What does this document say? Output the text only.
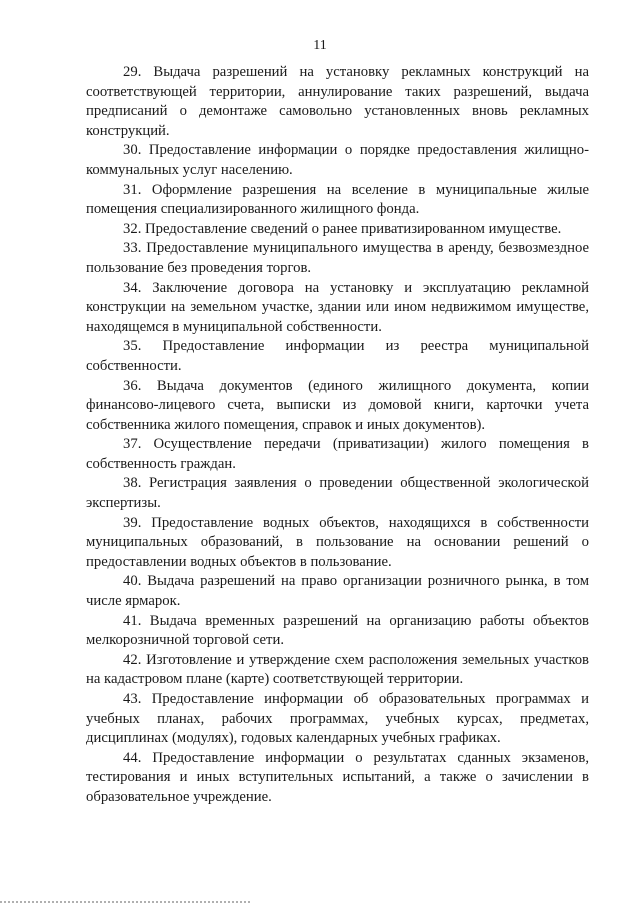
11

29. Выдача разрешений на установку рекламных конструкций на соответствующей территории, аннулирование таких разрешений, выдача предписаний о демонтаже самовольно установленных вновь рекламных конструкций.

30. Предоставление информации о порядке предоставления жилищно-коммунальных услуг населению.

31. Оформление разрешения на вселение в муниципальные жилые помещения специализированного жилищного фонда.

32. Предоставление сведений о ранее приватизированном имуществе.

33. Предоставление муниципального имущества в аренду, безвозмездное пользование без проведения торгов.

34. Заключение договора на установку и эксплуатацию рекламной конструкции на земельном участке, здании или ином недвижимом имуществе, находящемся в муниципальной собственности.

35. Предоставление информации из реестра муниципальной собственности.

36. Выдача документов (единого жилищного документа, копии финансово-лицевого счета, выписки из домовой книги, карточки учета собственника жилого помещения, справок и иных документов).

37. Осуществление передачи (приватизации) жилого помещения в собственность граждан.

38. Регистрация заявления о проведении общественной экологической экспертизы.

39. Предоставление водных объектов, находящихся в собственности муниципальных образований, в пользование на основании решений о предоставлении водных объектов в пользование.

40. Выдача разрешений на право организации розничного рынка, в том числе ярмарок.

41. Выдача временных разрешений на организацию работы объектов мелкорозничной торговой сети.

42. Изготовление и утверждение схем расположения земельных участков на кадастровом плане (карте) соответствующей территории.

43. Предоставление информации об образовательных программах и учебных планах, рабочих программах, учебных курсах, предметах, дисциплинах (модулях), годовых календарных учебных графиках.

44. Предоставление информации о результатах сданных экзаменов, тестирования и иных вступительных испытаний, а также о зачислении в образовательное учреждение.
